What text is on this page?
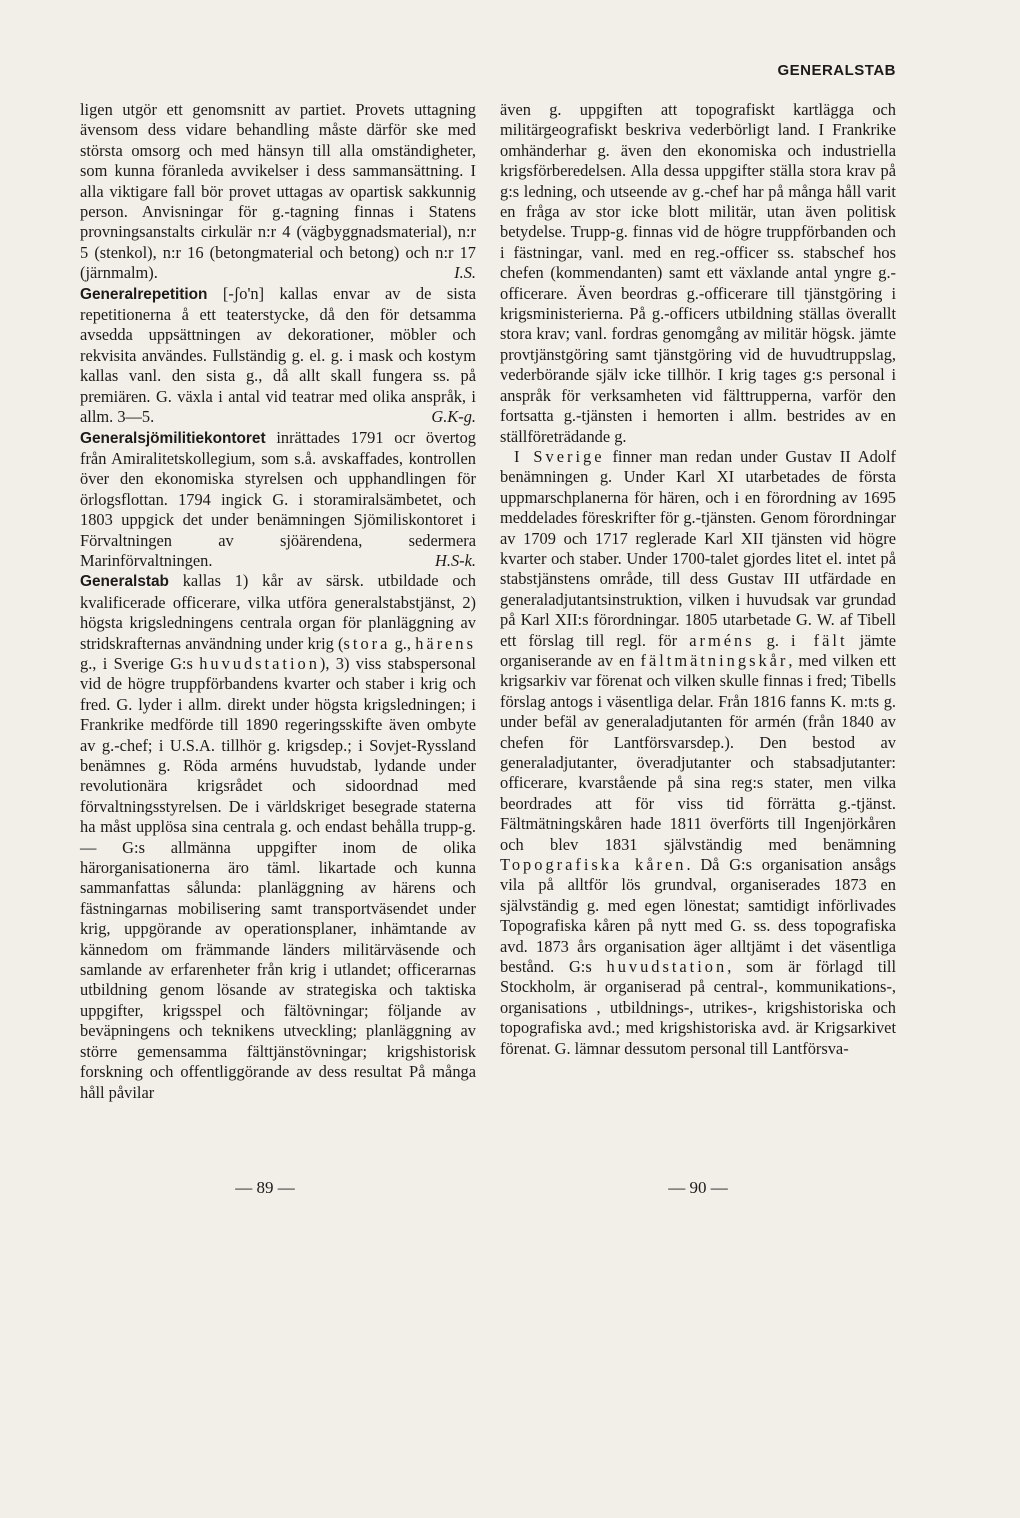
GENERALSTAB

ligen utgör ett genomsnitt av partiet. Provets uttagning ävensom dess vidare behandling måste därför ske med största omsorg och med hänsyn till alla omständigheter, som kunna föranleda avvikelser i dess sammansättning. I alla viktigare fall bör provet uttagas av opartisk sakkunnig person. Anvisningar för g.-tagning finnas i Statens provningsanstalts cirkulär n:r 4 (vägbyggnadsmaterial), n:r 5 (stenkol), n:r 16 (betongmaterial och betong) och n:r 17 (järnmalm).	I.S.

Generalrepetition [-ʃo'n] kallas envar av de sista repetitionerna å ett teaterstycke, då den för detsamma avsedda uppsättningen av dekorationer, möbler och rekvisita användes. Fullständig g. el. g. i mask och kostym kallas vanl. den sista g., då allt skall fungera ss. på premiären. G. växla i antal vid teatrar med olika anspråk, i allm. 3—5.	G.K-g.

Generalsjömilitiekontoret inrättades 1791 ocr övertog från Amiralitetskollegium, som s.å. avskaffades, kontrollen över den ekonomiska styrelsen och upphandlingen för örlogsflottan. 1794 ingick G. i storamiralsämbetet, och 1803 uppgick det under benämningen Sjömiliskontoret i Förvaltningen av sjöärendena, sedermera Marinförvaltningen.	H.S-k.

Generalstab kallas 1) kår av särsk. utbildade och kvalificerade officerare, vilka utföra generalstabstjänst, 2) högsta krigsledningens centrala organ för planläggning av stridskrafternas användning under krig (stora g., härens g., i Sverige G:s huvudstation), 3) viss stabspersonal vid de högre truppförbandens kvarter och staber i krig och fred. G. lyder i allm. direkt under högsta krigsledningen; i Frankrike medförde till 1890 regeringsskifte även ombyte av g.-chef; i U.S.A. tillhör g. krigsdep.; i Sovjet-Ryssland benämnes g. Röda arméns huvudstab, lydande under revolutionära krigsrådet och sidoordnad med förvaltningsstyrelsen. De i världskriget besegrade staterna ha måst upplösa sina centrala g. och endast behålla trupp-g. — G:s allmänna uppgifter inom de olika härorganisationerna äro täml. likartade och kunna sammanfattas sålunda: planläggning av härens och fästningarnas mobilisering samt transportväsendet under krig, uppgörande av operationsplaner, inhämtande av kännedom om främmande länders militärväsende och samlande av erfarenheter från krig i utlandet; officerarnas utbildning genom lösande av strategiska och taktiska uppgifter, krigsspel och fältövningar; följande av beväpningens och teknikens utveckling; planläggning av större gemensamma fälttjänstövningar; krigshistorisk forskning och offentliggörande av dess resultat På många håll påvilar

även g. uppgiften att topografiskt kartlägga och militärgeografiskt beskriva vederbörligt land. I Frankrike omhänderhar g. även den ekonomiska och industriella krigsförberedelsen. Alla dessa uppgifter ställa stora krav på g:s ledning, och utseende av g.-chef har på många håll varit en fråga av stor icke blott militär, utan även politisk betydelse. Trupp-g. finnas vid de högre truppförbanden och i fästningar, vanl. med en reg.-officer ss. stabschef hos chefen (kommendanten) samt ett växlande antal yngre g.-officerare. Även beordras g.-officerare till tjänstgöring i krigsministerierna. På g.-officers utbildning ställas överallt stora krav; vanl. fordras genomgång av militär högsk. jämte provtjänstgöring samt tjänstgöring vid de huvudtruppslag, vederbörande själv icke tillhör. I krig tages g:s personal i anspråk för verksamheten vid fälttrupperna, varför den fortsatta g.-tjänsten i hemorten i allm. bestrides av en ställföreträdande g.

I Sverige finner man redan under Gustav II Adolf benämningen g. Under Karl XI utarbetades de första uppmarschplanerna för hären, och i en förordning av 1695 meddelades föreskrifter för g.-tjänsten. Genom förordningar av 1709 och 1717 reglerade Karl XII tjänsten vid högre kvarter och staber. Under 1700-talet gjordes litet el. intet på stabstjänstens område, till dess Gustav III utfärdade en generaladjutantsinstruktion, vilken i huvudsak var grundad på Karl XII:s förordningar. 1805 utarbetade G. W. af Tibell ett förslag till regl. för arméns g. i fält jämte organiserande av en fältmätningskår, med vilken ett krigsarkiv var förenat och vilken skulle finnas i fred; Tibells förslag antogs i väsentliga delar. Från 1816 fanns K. m:ts g. under befäl av generaladjutanten för armén (från 1840 av chefen för Lantförsvarsdep.). Den bestod av generaladjutanter, överadjutanter och stabsadjutanter: officerare, kvarstående på sina reg:s stater, men vilka beordrades att för viss tid förrätta g.-tjänst. Fältmätningskåren hade 1811 överförts till Ingenjörkåren och blev 1831 självständig med benämning Topografiska kåren. Då G:s organisation ansågs vila på alltför lös grundval, organiserades 1873 en självständig g. med egen lönestat; samtidigt införlivades Topografiska kåren på nytt med G. ss. dess topografiska avd. 1873 års organisation äger alltjämt i det väsentliga bestånd. G:s huvudstation, som är förlagd till Stockholm, är organiserad på central-, kommunikations-, organisations , utbildnings-, utrikes-, krigshistoriska och topografiska avd.; med krigshistoriska avd. är Krigsarkivet förenat. G. lämnar dessutom personal till Lantförsva-

— 89 —	— 90 —
